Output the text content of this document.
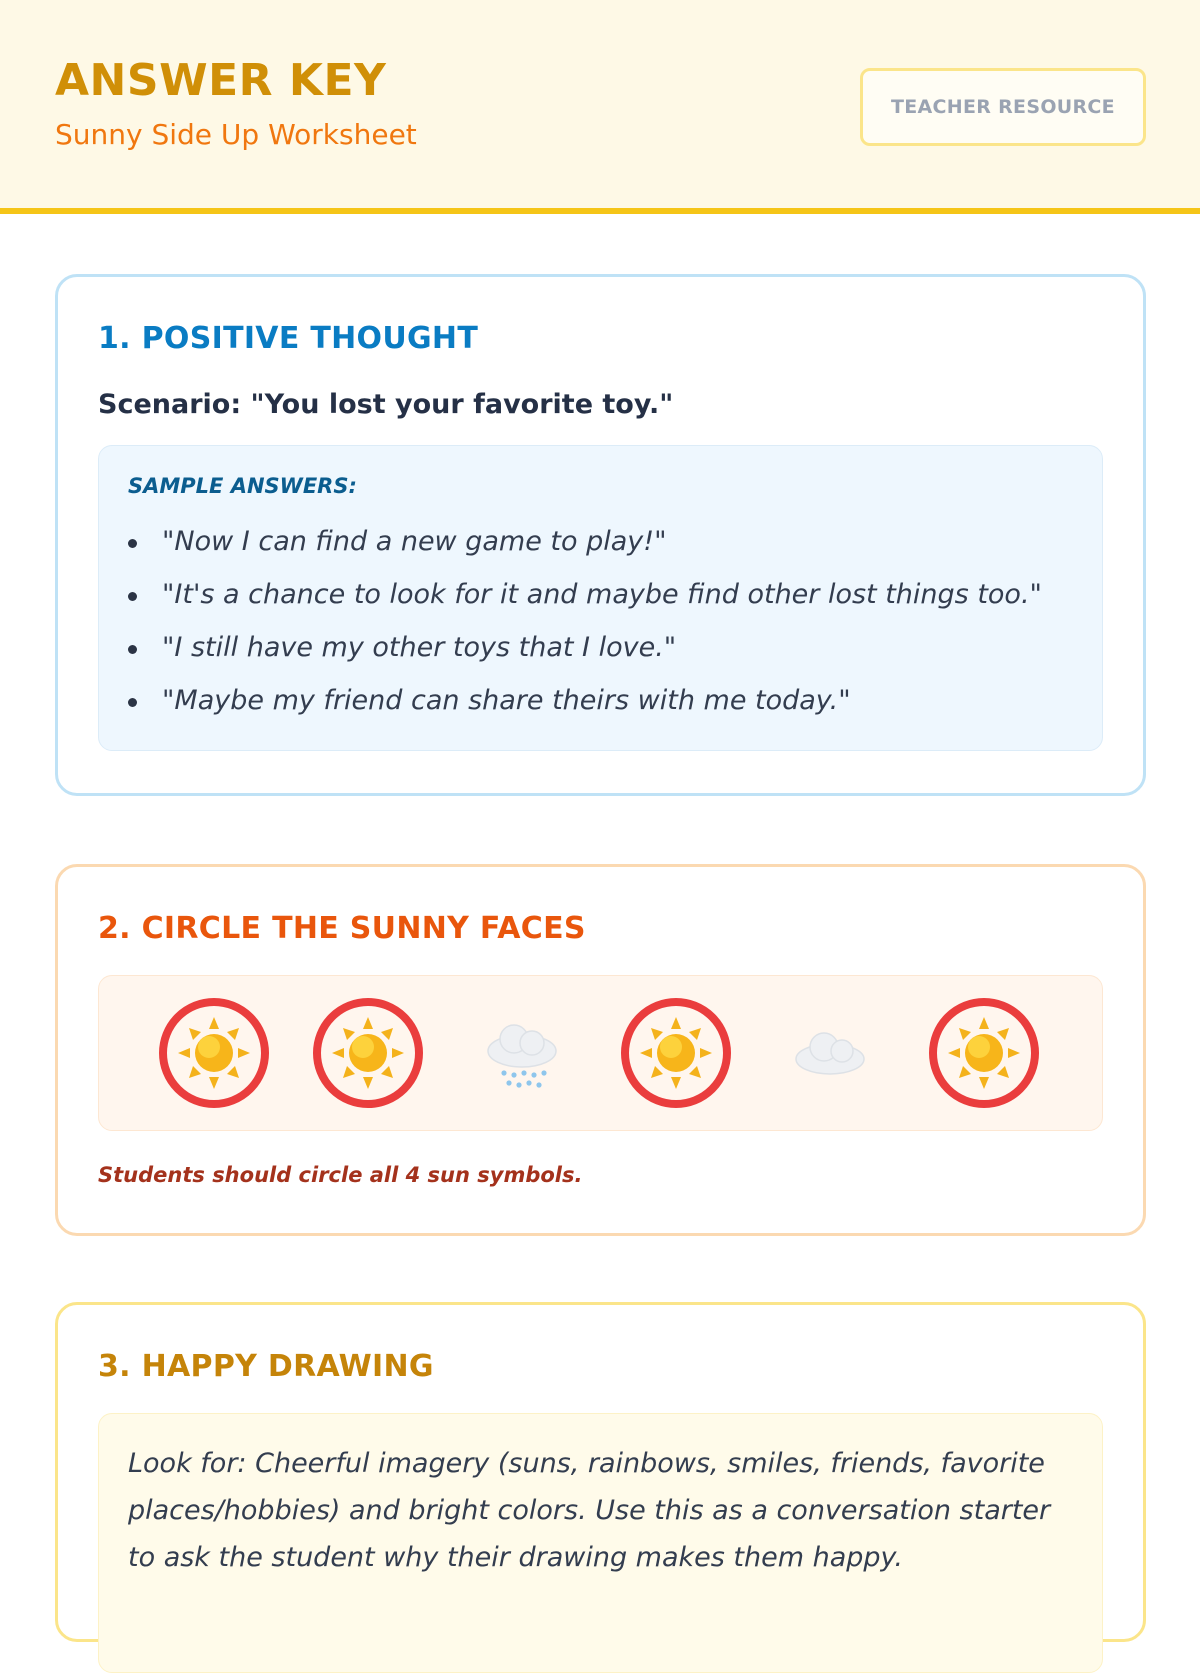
ANSWER KEY
Sunny Side Up Worksheet
TEACHER RESOURCE
1. POSITIVE THOUGHT
Scenario: "You lost your favorite toy."
SAMPLE ANSWERS:
"Now I can find a new game to play!"
"It's a chance to look for it and maybe find other lost things too."
"I still have my other toys that I love."
"Maybe my friend can share theirs with me today."
2. CIRCLE THE SUNNY FACES
Students should circle all 4 sun symbols.
3. HAPPY DRAWING
Look for: Cheerful imagery (suns, rainbows, smiles, friends, favorite places/hobbies) and bright colors. Use this as a conversation starter to ask the student why their drawing makes them happy.
